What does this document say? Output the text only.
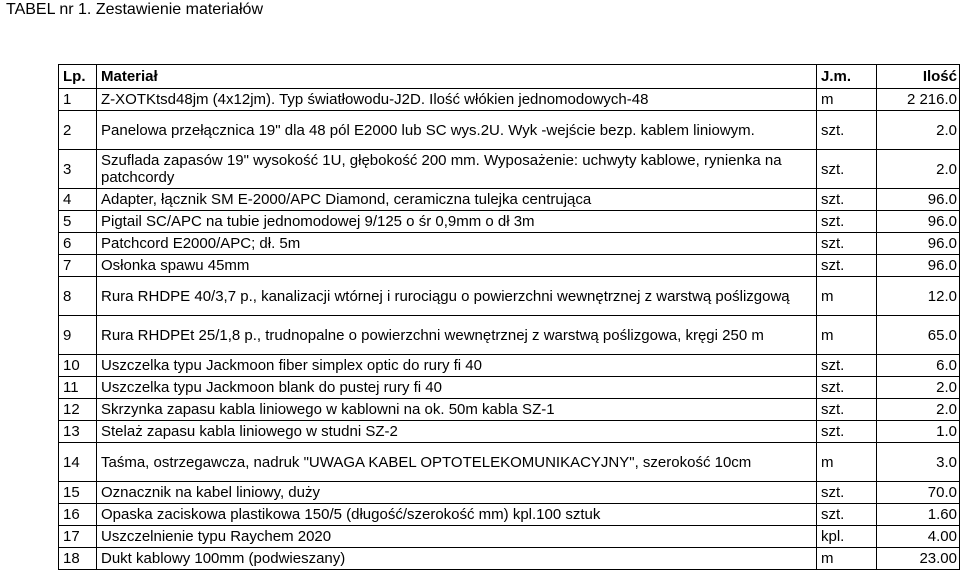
TABEL nr 1. Zestawienie materiałów
Lp.	Materiał	J.m.	Ilość
1	Z-XOTKtsd48jm (4x12jm). Typ światłowodu-J2D. Ilość włókien jednomodowych-48	m	2 216.0
2	Panelowa przełącznica 19" dla 48 pól E2000 lub SC wys.2U. Wyk -wejście bezp. kablem liniowym.	szt.	2.0
3	Szuflada zapasów 19" wysokość 1U, głębokość 200 mm. Wyposażenie: uchwyty kablowe, rynienka na patchcordy	szt.	2.0
4	Adapter, łącznik SM E-2000/APC Diamond, ceramiczna tulejka centrująca	szt.	96.0
5	Pigtail SC/APC na tubie jednomodowej 9/125 o śr 0,9mm o dł 3m	szt.	96.0
6	Patchcord E2000/APC; dł. 5m	szt.	96.0
7	Osłonka spawu 45mm	szt.	96.0
8	Rura RHDPE 40/3,7 p., kanalizacji wtórnej i rurociągu o powierzchni wewnętrznej z warstwą poślizgową	m	12.0
9	Rura RHDPEt 25/1,8 p., trudnopalne o powierzchni wewnętrznej z warstwą poślizgowa, kręgi 250 m	m	65.0
10	Uszczelka typu Jackmoon fiber simplex optic do rury fi 40	szt.	6.0
11	Uszczelka typu Jackmoon blank do pustej rury fi 40	szt.	2.0
12	Skrzynka zapasu kabla liniowego w kablowni na ok. 50m kabla SZ-1	szt.	2.0
13	Stelaż zapasu kabla liniowego w studni SZ-2	szt.	1.0
14	Taśma, ostrzegawcza, nadruk "UWAGA KABEL OPTOTELEKOMUNIKACYJNY", szerokość 10cm	m	3.0
15	Oznacznik na kabel liniowy, duży	szt.	70.0
16	Opaska zaciskowa plastikowa 150/5 (długość/szerokość mm) kpl.100 sztuk	szt.	1.60
17	Uszczelnienie typu Raychem 2020	kpl.	4.00
18	Dukt kablowy 100mm (podwieszany)	m	23.00
